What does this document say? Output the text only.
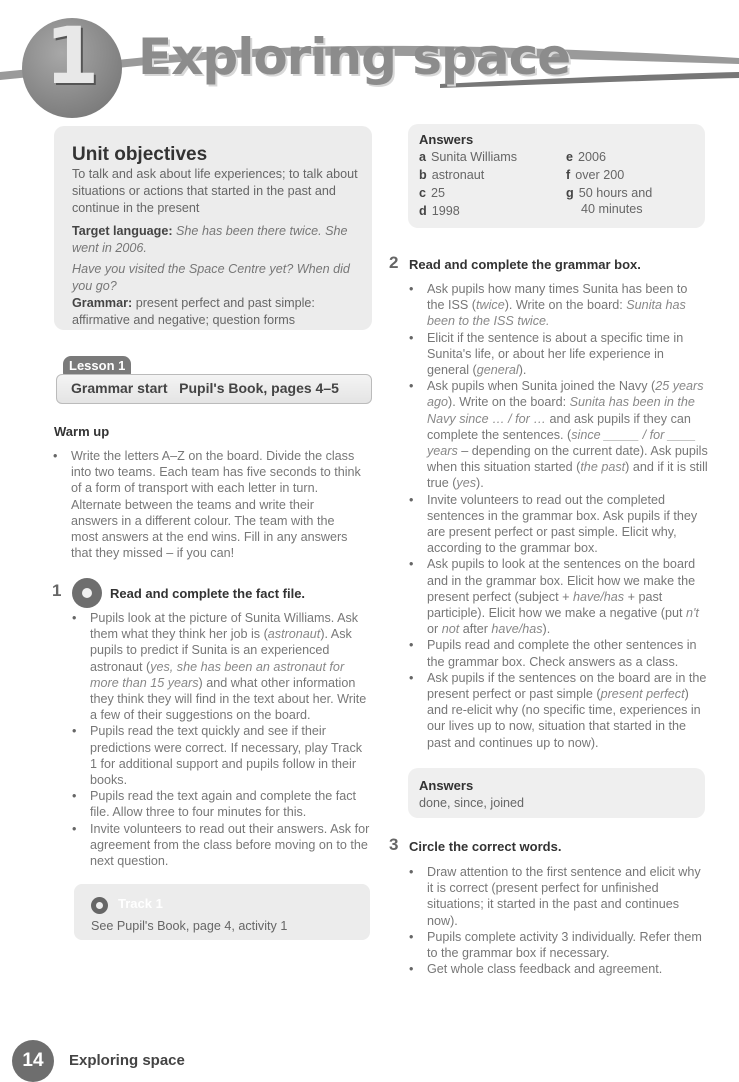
1 Exploring space
Unit objectives
To talk and ask about life experiences; to talk about situations or actions that started in the past and continue in the present
Target language: She has been there twice. She went in 2006.
Have you visited the Space Centre yet? When did you go?
Grammar: present perfect and past simple: affirmative and negative; question forms
Lesson 1
Grammar start Pupil's Book, pages 4–5
Warm up
• Write the letters A–Z on the board. Divide the class into two teams. Each team has five seconds to think of a form of transport with each letter in turn. Alternate between the teams and write their answers in a different colour. The team with the most answers at the end wins. Fill in any answers that they missed – if you can!
1	Read and complete the fact file.
• Pupils look at the picture of Sunita Williams. Ask them what they think her job is (astronaut). Ask pupils to predict if Sunita is an experienced astronaut (yes, she has been an astronaut for more than 15 years) and what other information they think they will find in the text about her. Write a few of their suggestions on the board.
• Pupils read the text quickly and see if their predictions were correct. If necessary, play Track 1 for additional support and pupils follow in their books.
• Pupils read the text again and complete the fact file. Allow three to four minutes for this.
• Invite volunteers to read out their answers. Ask for agreement from the class before moving on to the next question.
Track 1
See Pupil's Book, page 4, activity 1
Answers
a Sunita Williams
b astronaut
c 25
d 1998
e 2006
f over 200
g 50 hours and
40 minutes
2 Read and complete the grammar box.
• Ask pupils how many times Sunita has been to the ISS (twice). Write on the board: Sunita has been to the ISS twice.
• Elicit if the sentence is about a specific time in Sunita's life, or about her life experience in general (general).
• Ask pupils when Sunita joined the Navy (25 years ago). Write on the board: Sunita has been in the Navy since … / for … and ask pupils if they can complete the sentences. (since _____ / for ____ years – depending on the current date). Ask pupils when this situation started (the past) and if it is still true (yes).
• Invite volunteers to read out the completed sentences in the grammar box. Ask pupils if they are present perfect or past simple. Elicit why, according to the grammar box.
• Ask pupils to look at the sentences on the board and in the grammar box. Elicit how we make the present perfect (subject + have/has + past participle). Elicit how we make a negative (put n't or not after have/has).
• Pupils read and complete the other sentences in the grammar box. Check answers as a class.
• Ask pupils if the sentences on the board are in the present perfect or past simple (present perfect) and re-elicit why (no specific time, experiences in our lives up to now, situation that started in the past and continues up to now).
Answers
done, since, joined
3 Circle the correct words.
• Draw attention to the first sentence and elicit why it is correct (present perfect for unfinished situations; it started in the past and continues now).
• Pupils complete activity 3 individually. Refer them to the grammar box if necessary.
• Get whole class feedback and agreement.
14	Exploring space
